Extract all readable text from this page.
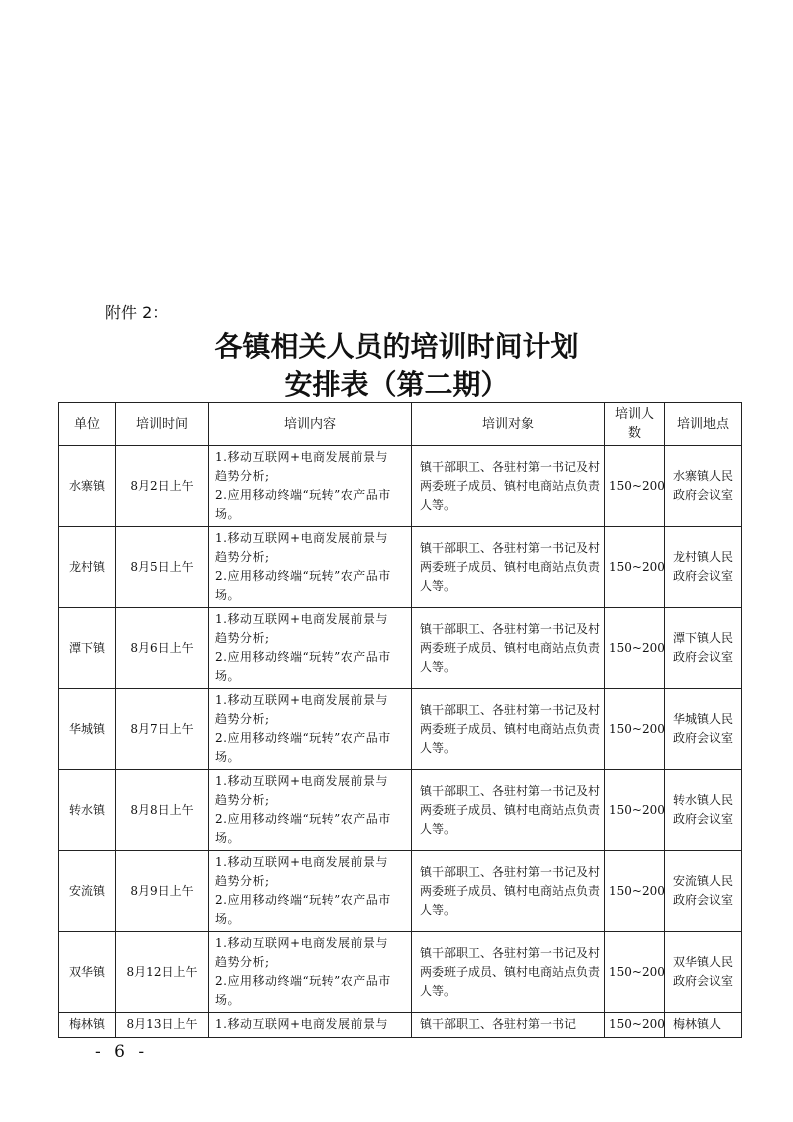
附件 2：
各镇相关人员的培训时间计划
安排表（第二期）
单位	培训时间	培训内容	培训对象	培训人数	培训地点
水寨镇	8月2日上午	1.移动互联网+电商发展前景与
趋势分析;
2.应用移动终端“玩转”农产品市场。	镇干部职工、各驻村第一书记及村两委班子成员、镇村电商站点负责人等。	150~200	水寨镇人民政府会议室
龙村镇	8月5日上午	1.移动互联网+电商发展前景与
趋势分析;
2.应用移动终端“玩转”农产品市
场。	镇干部职工、各驻村第一书记及村两委班子成员、镇村电商站点负责人等。	150~200	龙村镇人民政府会议室
潭下镇	8月6日上午	1.移动互联网+电商发展前景与
趋势分析;
2.应用移动终端“玩转”农产品市
场。	镇干部职工、各驻村第一书记及村两委班子成员、镇村电商站点负责人等。	150~200	潭下镇人民政府会议室
华城镇	8月7日上午	1.移动互联网+电商发展前景与
趋势分析;
2.应用移动终端“玩转”农产品市
场。	镇干部职工、各驻村第一书记及村两委班子成员、镇村电商站点负责人等。	150~200	华城镇人民政府会议室
转水镇	8月8日上午	1.移动互联网+电商发展前景与
趋势分析;
2.应用移动终端“玩转”农产品市
场。	镇干部职工、各驻村第一书记及村两委班子成员、镇村电商站点负责人等。	150~200	转水镇人民政府会议室
安流镇	8月9日上午	1.移动互联网+电商发展前景与
趋势分析;
2.应用移动终端“玩转”农产品市
场。	镇干部职工、各驻村第一书记及村两委班子成员、镇村电商站点负责人等。	150~200	安流镇人民政府会议室
双华镇	8月12日上午	1.移动互联网+电商发展前景与
趋势分析;
2.应用移动终端“玩转”农产品市
场。	镇干部职工、各驻村第一书记及村两委班子成员、镇村电商站点负责人等。	150~200	双华镇人民政府会议室
梅林镇	8月13日上午	1.移动互联网+电商发展前景与	镇干部职工、各驻村第一书记	150~200	梅林镇人
- 6 -
